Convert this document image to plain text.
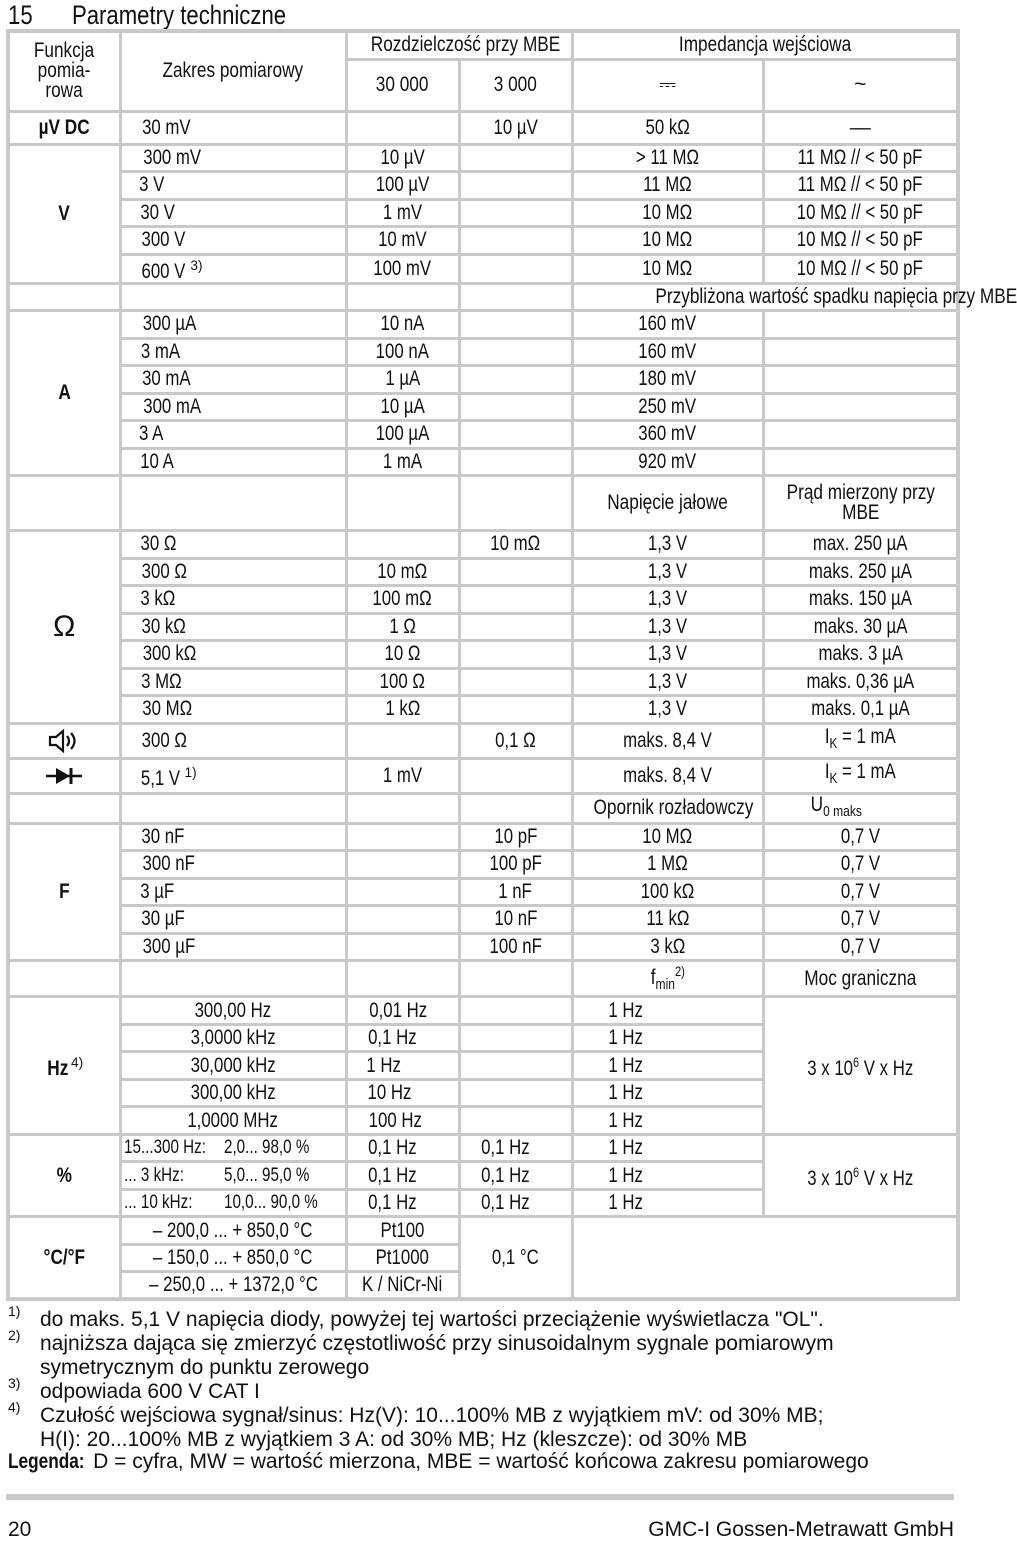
15 Parametry techniczne
Funkcja pomia-rowa	Zakres pomiarowy	Rozdzielczość przy MBE		Impedancja wejściowa	
		30 000	3 000	⎓	~

µV DC	30 mV		10 µV	50 kΩ	—
V	300 mV	10 µV		> 11 MΩ	11 MΩ // < 50 pF
	3 V	100 µV		11 MΩ	11 MΩ // < 50 pF
	30 V	1 mV		10 MΩ	10 MΩ // < 50 pF
	300 V	10 mV		10 MΩ	10 MΩ // < 50 pF
	600 V $^{3)}$	100 mV		10 MΩ	10 MΩ // < 50 pF
				Przybliżona wartość spadku napięcia przy MBE	
A	300 µA	10 nA		160 mV	
	3 mA	100 nA		160 mV	
	30 mA	1 µA		180 mV	
	300 mA	10 µA		250 mV	
	3 A	100 µA		360 mV	
	10 A	1 mA		920 mV	
				Napięcie jałowe	Prąd mierzony przy MBE

Ω	30 Ω		10 mΩ	1,3 V	max. 250 µA
	300 Ω	10 mΩ		1,3 V	maks. 250 µA
	3 kΩ	100 mΩ		1,3 V	maks. 150 µA
	30 kΩ	1 Ω		1,3 V	maks. 30 µA
	300 kΩ	10 Ω		1,3 V	maks. 3 µA
	3 MΩ	100 Ω		1,3 V	maks. 0,36 µA
	30 MΩ	1 kΩ		1,3 V	maks. 0,1 µA
	300 Ω		0,1 Ω	maks. 8,4 V	$I_K = 1$ mA
	5,1 V $^{1)}$	1 mV		maks. 8,4 V	$I_K = 1$ mA
				Opornik rozładowczy	$U_{0 maks}$
F	30 nF		10 pF	10 MΩ	0,7 V
	300 nF		100 pF	1 MΩ	0,7 V
	3 µF		1 nF	100 kΩ	0,7 V
	30 µF		10 nF	11 kΩ	0,7 V
	300 µF		100 nF	3 kΩ	0,7 V
				$f_{min}^{2)}$	Moc graniczna
Hz $^{4)}$	300,00 Hz	0,01 Hz		1 Hz	3 x $10^6$ V x Hz
	3,0000 kHz	0,1 Hz		1 Hz	
	30,000 kHz	1 Hz		1 Hz	
	300,00 kHz	10 Hz		1 Hz	
	1,0000 MHz	100 Hz		1 Hz	
%	15...300 Hz: 2,0... 98,0 %	0,1 Hz	0,1 Hz	1 Hz	3 x $10^6$ V x Hz
	... 3 kHz: 5,0... 95,0 %	0,1 Hz	0,1 Hz	1 Hz	
	... 10 kHz: 10,0... 90,0 %	0,1 Hz	0,1 Hz	1 Hz	
°C/°F	– 200,0 ... + 850,0 °C	Pt100	0,1 °C		
	– 150,0 ... + 850,0 °C	Pt1000			
	– 250,0 ... + 1372,0 °C	K / NiCr-Ni			
1) do maks. 5,1 V napięcia diody, powyżej tej wartości przeciążenie wyświetlacza "OL".
2) najniższa dająca się zmierzyć częstotliwość przy sinusoidalnym sygnale pomiarowym
symetrycznym do punktu zerowego
3) odpowiada 600 V CAT I
4) Czułość wejściowa sygnał/sinus: Hz(V): 10...100% MB z wyjątkiem mV: od 30% MB;
H(I): 20...100% MB z wyjątkiem 3 A: od 30% MB; Hz (kleszcze): od 30% MB
Legenda: D = cyfra, MW = wartość mierzona, MBE = wartość końcowa zakresu pomiarowego
20	GMC-I Gossen-Metrawatt GmbH
